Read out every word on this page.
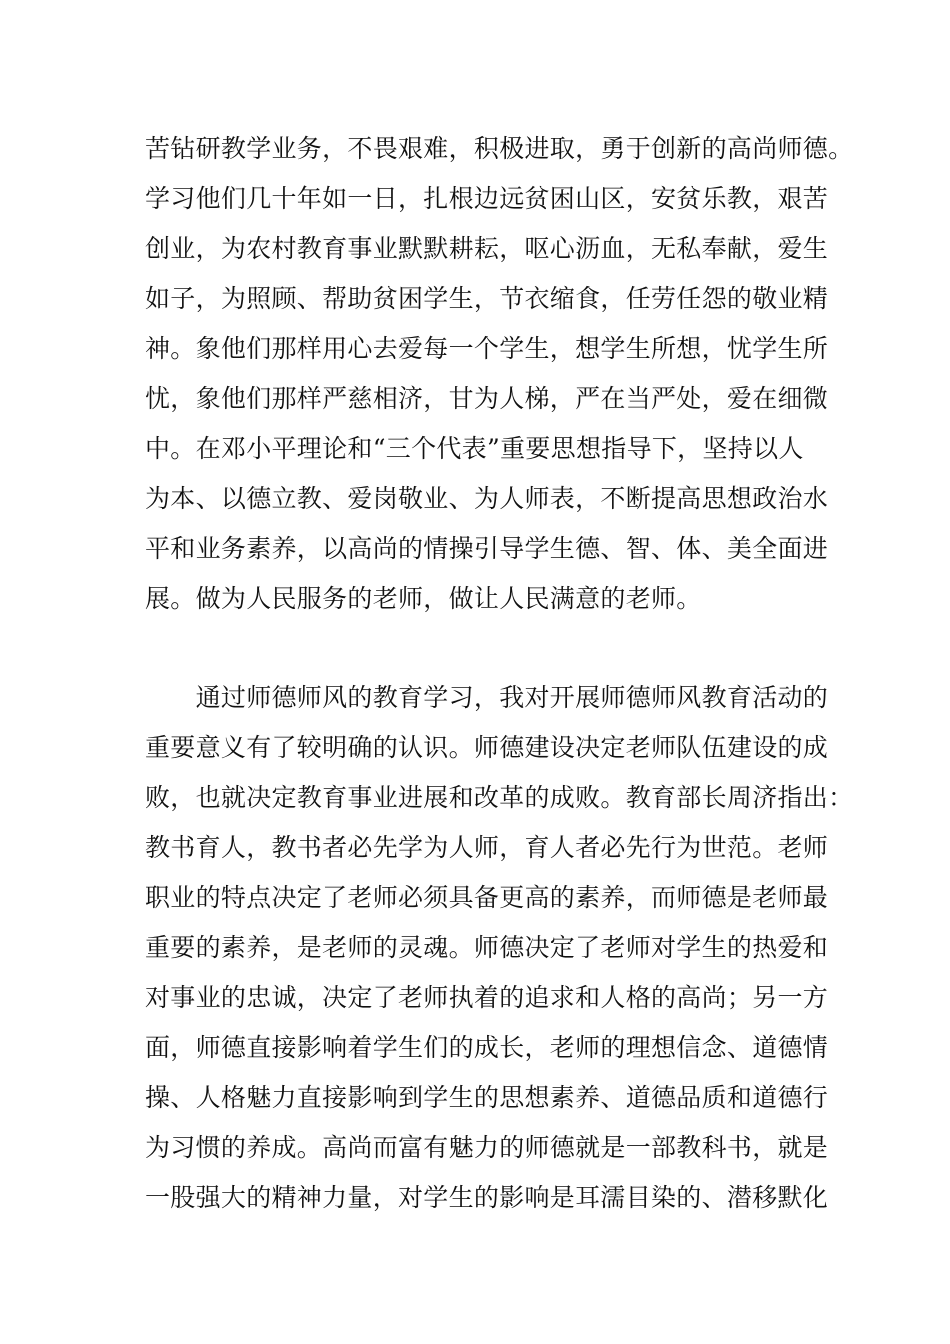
苦钻研教学业务，不畏艰难，积极进取，勇于创新的高尚师德。
学习他们几十年如一日，扎根边远贫困山区，安贫乐教，艰苦
创业，为农村教育事业默默耕耘，呕心沥血，无私奉献，爱生
如子，为照顾、帮助贫困学生，节衣缩食，任劳任怨的敬业精
神。象他们那样用心去爱每一个学生，想学生所想，忧学生所
忧，象他们那样严慈相济，甘为人梯，严在当严处，爱在细微
中。在邓小平理论和“三个代表”重要思想指导下，坚持以人
为本、以德立教、爱岗敬业、为人师表，不断提高思想政治水
平和业务素养，以高尚的情操引导学生德、智、体、美全面进
展。做为人民服务的老师，做让人民满意的老师。
　　通过师德师风的教育学习，我对开展师德师风教育活动的
重要意义有了较明确的认识。师德建设决定老师队伍建设的成
败，也就决定教育事业进展和改革的成败。教育部长周济指出：
教书育人，教书者必先学为人师，育人者必先行为世范。老师
职业的特点决定了老师必须具备更高的素养，而师德是老师最
重要的素养，是老师的灵魂。师德决定了老师对学生的热爱和
对事业的忠诚，决定了老师执着的追求和人格的高尚；另一方
面，师德直接影响着学生们的成长，老师的理想信念、道德情
操、人格魅力直接影响到学生的思想素养、道德品质和道德行
为习惯的养成。高尚而富有魅力的师德就是一部教科书，就是
一股强大的精神力量，对学生的影响是耳濡目染的、潜移默化
